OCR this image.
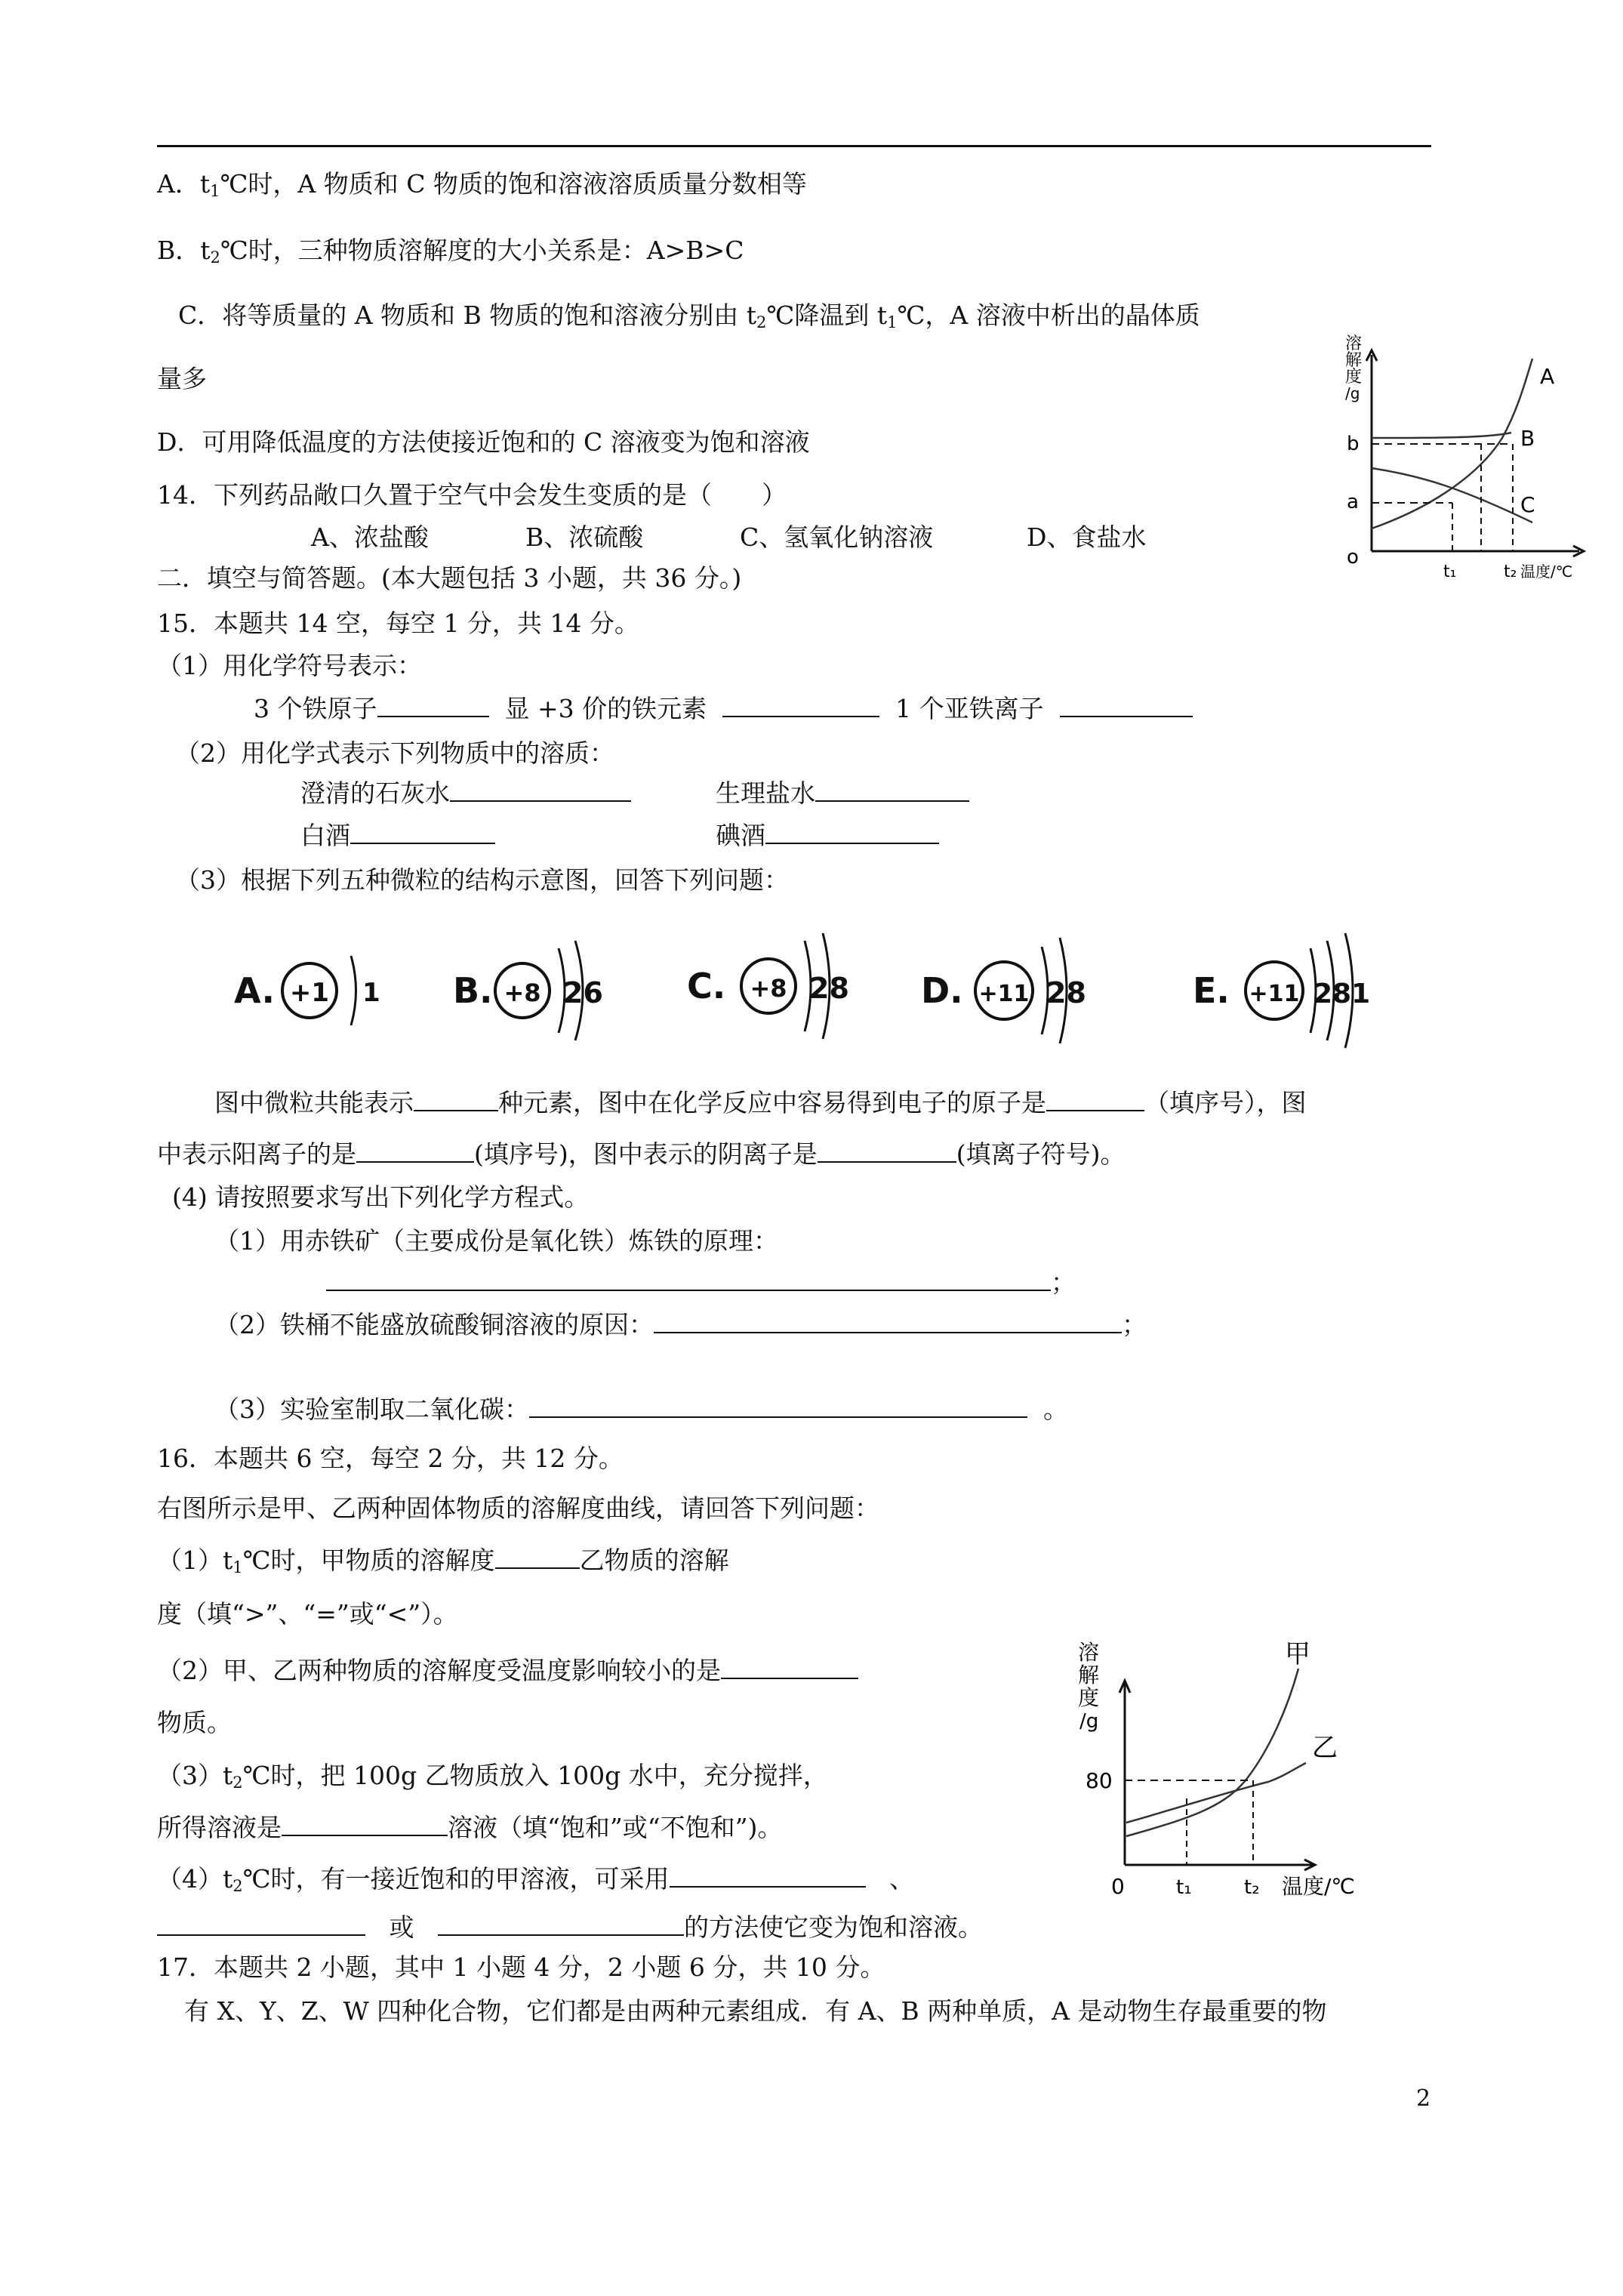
A．$t_1℃$时，A 物质和 C 物质的饱和溶液溶质质量分数相等
B．$t_2℃$时，三种物质溶解度的大小关系是：A>B>C
C．将等质量的 A 物质和 B 物质的饱和溶液分别由 $t_2℃$降温到 $t_1℃$，A 溶液中析出的晶体质
量多
D．可用降低温度的方法使接近饱和的 C 溶液变为饱和溶液
溶
解
度
/g
b
a
o
t₁	t₂ 温度/℃
A
B
C
14．下列药品敞口久置于空气中会发生变质的是（　　）
A、浓盐酸	B、浓硫酸	C、氢氧化钠溶液	D、食盐水
二．填空与简答题。(本大题包括 3 小题，共 36 分。)
15．本题共 14 空，每空 1 分，共 14 分。
（1）用化学符号表示：
3 个铁原子	显 +3 价的铁元素	1 个亚铁离子
（2）用化学式表示下列物质中的溶质：
澄清的石灰水	生理盐水
白酒	碘酒
（3）根据下列五种微粒的结构示意图，回答下列问题：
A. +1 1 B. +8 26 C. +8 28 D. +11 28	E. +11 281
图中微粒共能表示	种元素，图中在化学反应中容易得到电子的原子是	（填序号），图
中表示阳离子的是	(填序号)，图中表示的阴离子是	(填离子符号)。
(4) 请按照要求写出下列化学方程式。
（1）用赤铁矿（主要成份是氧化铁）炼铁的原理：
；
（2）铁桶不能盛放硫酸铜溶液的原因：	；
（3）实验室制取二氧化碳：	。
16．本题共 6 空，每空 2 分，共 12 分。
右图所示是甲、乙两种固体物质的溶解度曲线，请回答下列问题：
$(1)t_1℃$时，甲物质的溶解度	乙物质的溶解
度（填“>”、“=”或“<”）。
（2）甲、乙两种物质的溶解度受温度影响较小的是
物质。
$(3)t_2℃$时，把 100g 乙物质放入 100g 水中，充分搅拌，
所得溶液是	溶液（填“饱和”或“不饱和”)。
$(4)t_2℃$时，有一接近饱和的甲溶液，可采用	、
或	的方法使它变为饱和溶液。
溶
解
度
/g
80
0	t₁	t₂ 温度/℃
甲
乙
17．本题共 2 小题，其中 1 小题 4 分，2 小题 6 分，共 10 分。
有 X、Y、Z、W 四种化合物，它们都是由两种元素组成．有 A、B 两种单质，A 是动物生存最重要的物
2
